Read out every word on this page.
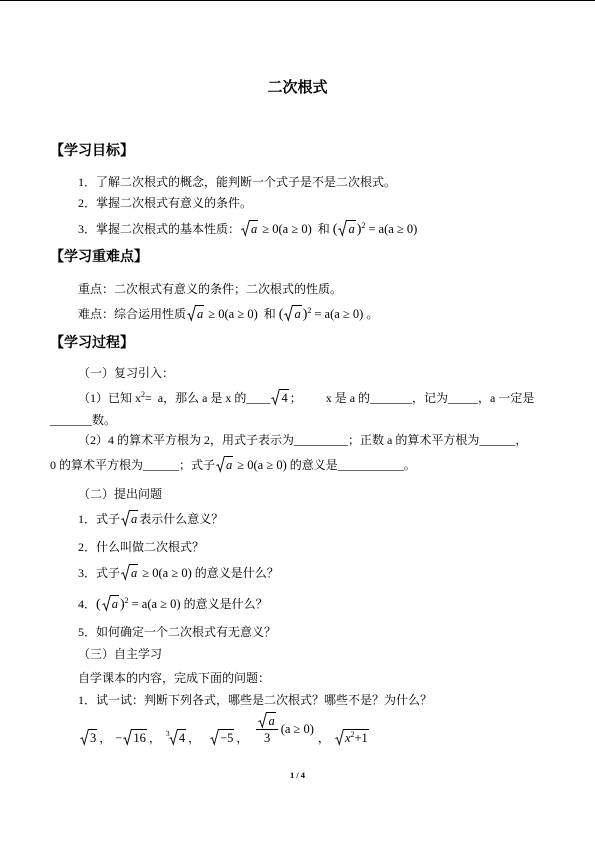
二次根式
【学习目标】
1．了解二次根式的概念，能判断一个式子是不是二次根式。
2．掌握二次根式有意义的条件。
3．掌握二次根式的基本性质： a ≥ 0(a ≥ 0) 和 ( a )$^2$ = a(a ≥ 0)
【学习重难点】
重点：二次根式有意义的条件；二次根式的性质。
难点：综合运用性质 a ≥ 0(a ≥ 0) 和 ( a )$^2$ = a(a ≥ 0) 。
【学习过程】
（一）复习引入：
（1）已知 $x^2= a$，那么 a 是 x 的____ 4 ；        x 是 a 的_______，记为_____，a 一定是
_______数。
（2）4 的算术平方根为 2，用式子表示为_________；正数 a 的算术平方根为______，
0 的算术平方根为______；式子 a ≥ 0(a ≥ 0) 的意义是___________。
（二）提出问题
1．式子 a 表示什么意义？
2．什么叫做二次根式？
3．式子 a ≥ 0(a ≥ 0) 的意义是什么？
4．( a )$^2$ = a(a ≥ 0) 的意义是什么？
5．如何确定一个二次根式有无意义？
（三）自主学习
自学课本的内容，完成下面的问题：
1．试一试：判断下列各式，哪些是二次根式？哪些不是？为什么？
3 ， − 16 ， 3 4 ， −5 ， $\frac{a}{3} (a \ge 0)$， $x^2+1$
1 / 4
